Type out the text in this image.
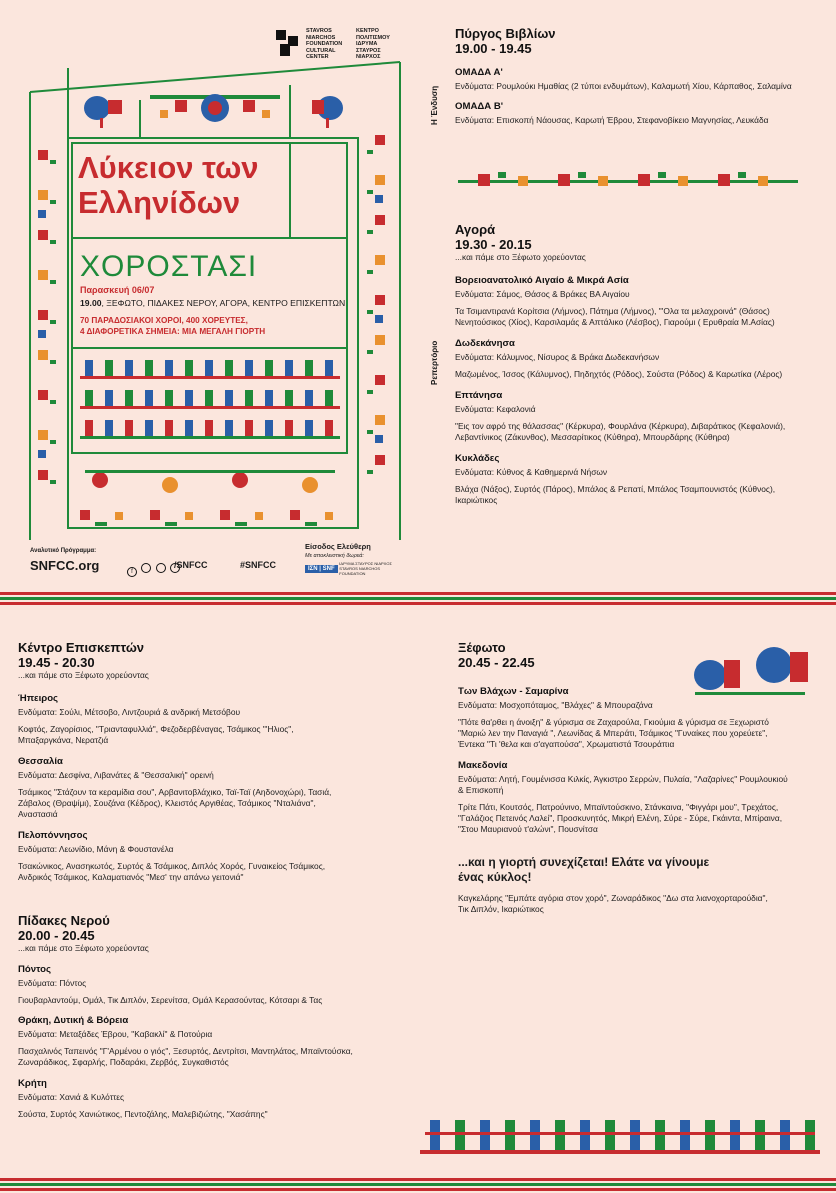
STAVROS
NIARCHOS
FOUNDATION
CULTURAL
CENTER
ΚΕΝΤΡΟ
ΠΟΛΙΤΙΣΜΟΥ
ΙΔΡΥΜΑ
ΣΤΑΥΡΟΣ
ΝΙΑΡΧΟΣ
Λύκειον των
Ελληνίδων
ΧΟΡΟΣΤΑΣΙ
Παρασκευή 06/07
19.00, ΞΕΦΩΤΟ, ΠΙΔΑΚΕΣ ΝΕΡΟΥ, ΑΓΟΡΑ, ΚΕΝΤΡΟ ΕΠΙΣΚΕΠΤΩΝ
70 ΠΑΡΑΔΟΣΙΑΚΟΙ ΧΟΡΟΙ, 400 ΧΟΡΕΥΤΕΣ,
4 ΔΙΑΦΟΡΕΤΙΚΑ ΣΗΜΕΙΑ: ΜΙΑ ΜΕΓΑΛΗ ΓΙΟΡΤΗ
Αναλυτικό Πρόγραμμα:
SNFCC.org	f
/SNFCC	#SNFCC
Είσοδος Ελεύθερη
Με αποκλειστική δωρεά:
ΙΣΝ | SNF ΙΔΡΥΜΑ ΣΤΑΥΡΟΣ ΝΙΑΡΧΟΣ STAVROS NIARCHOS FOUNDATION
Η Ένδυση
Ρεπερτόριο
Πύργος Βιβλίων
19.00 - 19.45
ΟΜΑΔΑ Α'
Ενδύματα: Ρουμλούκι Ημαθίας (2 τύποι ενδυμάτων), Καλαμωτή Χίου, Κάρπαθος, Σαλαμίνα
ΟΜΑΔΑ Β'
Ενδύματα: Επισκοπή Νάουσας, Καρωτή Έβρου, Στεφανοβίκειο Μαγνησίας, Λευκάδα
Αγορά
19.30 - 20.15
...και πάμε στο Ξέφωτο χορεύοντας
Βορειοανατολικό Αιγαίο & Μικρά Ασία
Ενδύματα: Σάμος, Θάσος & Βράκες ΒΑ Αιγαίου
Τα Τσιμαντιρανά Κορίτσια (Λήμνος), Πάτημα (Λήμνος), "'Ολα τα μελαχροινά" (Θάσος)
Νενητούσικος (Χίος), Καρσιλαμάς & Απτάλικο (Λέσβος), Γιαρούμι ( Ερυθραία Μ.Ασίας)
Δωδεκάνησα
Ενδύματα: Κάλυμνος, Νίσυρος & Βράκα Δωδεκανήσων
Μαζωμένος, Ίσσος (Κάλυμνος), Πηδηχτός (Ρόδος), Σούστα (Ρόδος) & Καρωτίκα (Λέρος)
Επτάνησα
Ενδύματα: Κεφαλονιά
"Εις τον αφρό της θάλασσας" (Κέρκυρα), Φουρλάνα (Κέρκυρα), Διβαράτικος (Κεφαλονιά),
Λεβαντίνικος (Ζάκυνθος), Μεσσαρίτικος (Κύθηρα), Μπουρδάρης (Κύθηρα)
Κυκλάδες
Ενδύματα: Κύθνος & Καθημερινά Νήσων
Βλάχα (Νάξος), Συρτός (Πάρος), Μπάλος & Ρεπατί, Μπάλος Τσαμπουνιστός (Κύθνος),
Ικαριώτικος
Κέντρο Επισκεπτών
19.45 - 20.30
...και πάμε στο Ξέφωτο χορεύοντας
Ήπειρος
Ενδύματα: Σούλι, Μέτσοβο, Λιντζουριά & ανδρική Μετσόβου
Κοφτός, Ζαγορίσιος, "Τριανταφυλλιά", Φεζοδερβέναγας, Τσάμικος "'Ηλιος",
Μπαξαργκάνα, Νερατζιά
Θεσσαλία
Ενδύματα: Δεσφίνα, Λιβανάτες & "Θεσσαλική" ορεινή
Τσάμικος "Στάζουν τα κεραμίδια σου", Αρβανιτοβλάχικο, Ταϊ-Ταϊ (Αηδονοχώρι), Τασιά,
Ζάβαλος (Θραψίμι), Σουζάνα (Κέδρος), Κλειστός Αργιθέας, Τσάμικος "Νταλιάνα",
Αναστασιά
Πελοπόννησος
Ενδύματα: Λεωνίδιο, Μάνη & Φουστανέλα
Τσακώνικος, Ανασηκωτός, Συρτός & Τσάμικος, Διπλός Χορός, Γυναικείος Τσάμικος,
Ανδρικός Τσάμικος, Καλαματιανός "Μεσ' την απάνω γειτονιά"
Πίδακες Νερού
20.00 - 20.45
...και πάμε στο Ξέφωτο χορεύοντας
Πόντος
Ενδύματα: Πόντος
Γιουβαρλαντούμ, Ομάλ, Τικ Διπλόν, Σερενίτσα, Ομάλ Κερασούντας, Κότσαρι & Τας
Θράκη, Δυτική & Βόρεια
Ενδύματα: Μεταξάδες Έβρου, "Καβακλί" & Ποτούρια
Πασχαλινός Ταπεινός "Γ'Αρμένου ο γιός", Ξεσυρτός, Δεντρίτσι, Μαντηλάτος, Μπαϊντούσκα,
Ζωναράδικος, Σφαρλής, Ποδαράκι, Ζερβός, Συγκαθιστός
Κρήτη
Ενδύματα: Χανιά & Κυλόττες
Σούστα, Συρτός Χανιώτικος, Πεντοζάλης, Μαλεβιζιώτης, "Χασάπης"
Ξέφωτο
20.45 - 22.45
Των Βλάχων - Σαμαρίνα
Ενδύματα: Μοσχοπόταμος, "Βλάχες" & Μπουραζάνα
"Πότε θα'ρθει η άνοιξη" & γύρισμα σε Ζαχαρούλα, Γκιούμια & γύρισμα σε Ξεχωριστό
"Μαριώ λεν την Παναγιά ", Λεωνίδας & Μπεράτι, Τσάμικος "Γυναίκες που χορεύετε",
Έντεκα "Τι 'θελα και σ'αγαπούσα", Χρωματιστά Τσουράπια
Μακεδονία
Ενδύματα: Λητή, Γουμένισσα Κιλκίς, Άγκιστρο Σερρών, Πυλαία, "Λαζαρίνες" Ρουμλουκιού
& Επισκοπή
Τρίτε Πάτι, Κουτσός, Πατρούνινο, Μπαϊντούσκινο, Στάνκαινα, "Φιγγάρι μου", Τρεχάτος,
"Γαλάζιος Πετεινός Λαλεί", Προσκυνητός, Μικρή Ελένη, Σύρε - Σύρε, Γκάιντα, Μπίραινα,
"Στου Μαυριανού τ'αλώνι", Πουσνίτσα
...και η γιορτή συνεχίζεται! Ελάτε να γίνουμε
ένας κύκλος!
Καγκελάρης "Εμπάτε αγόρια στον χορό", Ζωναράδικος "Δω στα λιανοχορταρούδια",
Τικ Διπλόν, Ικαριώτικος
